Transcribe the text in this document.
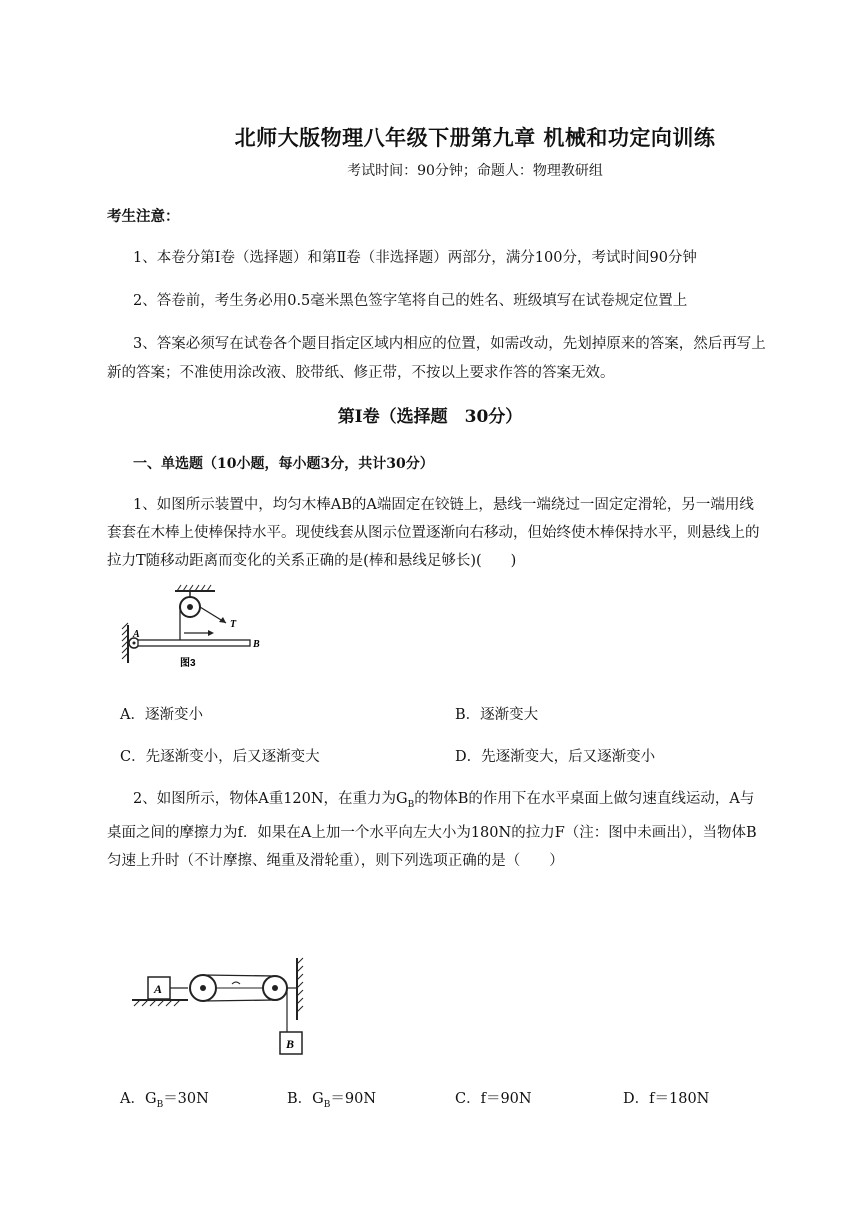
北师大版物理八年级下册第九章 机械和功定向训练
考试时间：90分钟；命题人：物理教研组
考生注意：
1、本卷分第Ⅰ卷（选择题）和第Ⅱ卷（非选择题）两部分，满分100分，考试时间90分钟
2、答卷前，考生务必用0.5毫米黑色签字笔将自己的姓名、班级填写在试卷规定位置上
3、答案必须写在试卷各个题目指定区域内相应的位置，如需改动，先划掉原来的答案，然后再写上新的答案；不准使用涂改液、胶带纸、修正带，不按以上要求作答的答案无效。
第Ⅰ卷（选择题　30分）
一、单选题（10小题，每小题3分，共计30分）
1、如图所示装置中，均匀木棒AB的A端固定在铰链上，悬线一端绕过一固定定滑轮，另一端用线套套在木棒上使棒保持水平。现使线套从图示位置逐渐向右移动，但始终使木棒保持水平，则悬线上的拉力T随移动距离而变化的关系正确的是(棒和悬线足够长)(　　)
A
T
B
图3
A．逐渐变小	B．逐渐变大
C．先逐渐变小，后又逐渐变大	D．先逐渐变大，后又逐渐变小
2、如图所示，物体A重120N，在重力为$G_B$的物体B的作用下在水平桌面上做匀速直线运动，A与桌面之间的摩擦力为f．如果在A上加一个水平向左大小为180N的拉力F（注：图中未画出），当物体B匀速上升时（不计摩擦、绳重及滑轮重），则下列选项正确的是（　　）
A
B
A．$G_B=30N$	B．$G_B=90N$	C．f＝90N	D．f＝180N
